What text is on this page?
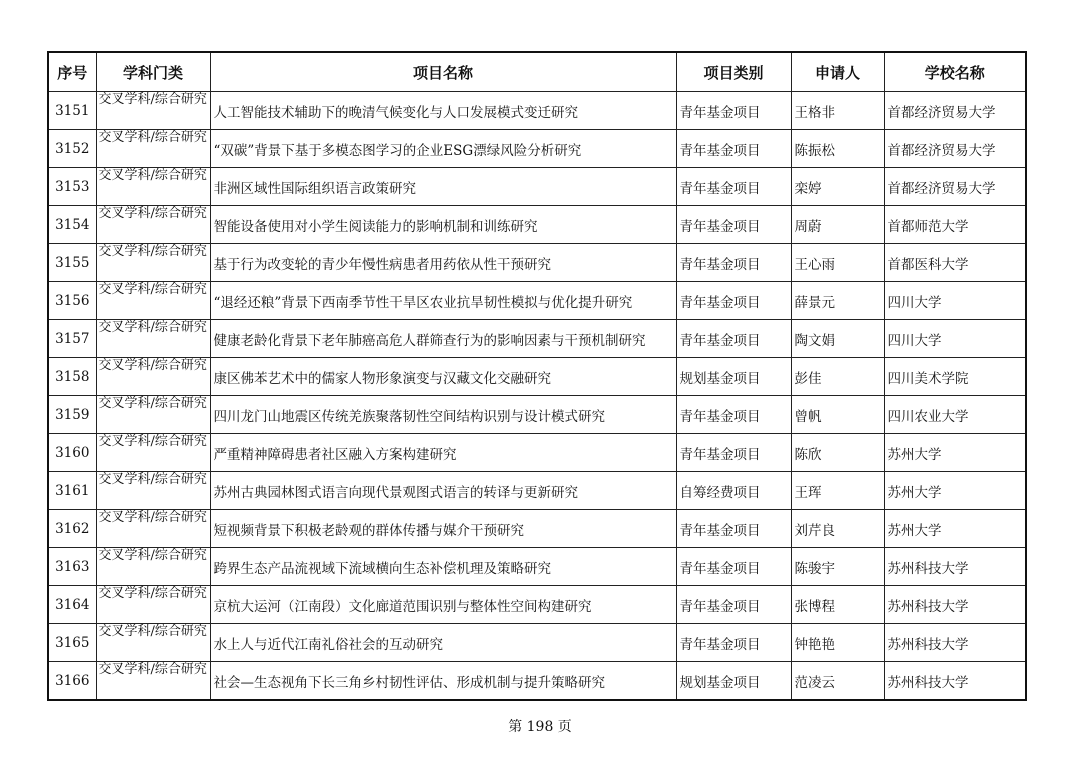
序号	学科门类	项目名称	项目类别	申请人	学校名称
3151	交叉学科/综合研究	人工智能技术辅助下的晚清气候变化与人口发展模式变迁研究	青年基金项目	王格非	首都经济贸易大学
3152	交叉学科/综合研究	“双碳”背景下基于多模态图学习的企业ESG漂绿风险分析研究	青年基金项目	陈振松	首都经济贸易大学
3153	交叉学科/综合研究	非洲区域性国际组织语言政策研究	青年基金项目	栾婷	首都经济贸易大学
3154	交叉学科/综合研究	智能设备使用对小学生阅读能力的影响机制和训练研究	青年基金项目	周蔚	首都师范大学
3155	交叉学科/综合研究	基于行为改变轮的青少年慢性病患者用药依从性干预研究	青年基金项目	王心雨	首都医科大学
3156	交叉学科/综合研究	“退经还粮”背景下西南季节性干旱区农业抗旱韧性模拟与优化提升研究	青年基金项目	薛景元	四川大学
3157	交叉学科/综合研究	健康老龄化背景下老年肺癌高危人群筛查行为的影响因素与干预机制研究	青年基金项目	陶文娟	四川大学
3158	交叉学科/综合研究	康区佛苯艺术中的儒家人物形象演变与汉藏文化交融研究	规划基金项目	彭佳	四川美术学院
3159	交叉学科/综合研究	四川龙门山地震区传统羌族聚落韧性空间结构识别与设计模式研究	青年基金项目	曾帆	四川农业大学
3160	交叉学科/综合研究	严重精神障碍患者社区融入方案构建研究	青年基金项目	陈欣	苏州大学
3161	交叉学科/综合研究	苏州古典园林图式语言向现代景观图式语言的转译与更新研究	自筹经费项目	王珲	苏州大学
3162	交叉学科/综合研究	短视频背景下积极老龄观的群体传播与媒介干预研究	青年基金项目	刘芹良	苏州大学
3163	交叉学科/综合研究	跨界生态产品流视域下流域横向生态补偿机理及策略研究	青年基金项目	陈骏宇	苏州科技大学
3164	交叉学科/综合研究	京杭大运河（江南段）文化廊道范围识别与整体性空间构建研究	青年基金项目	张博程	苏州科技大学
3165	交叉学科/综合研究	水上人与近代江南礼俗社会的互动研究	青年基金项目	钟艳艳	苏州科技大学
3166	交叉学科/综合研究	社会—生态视角下长三角乡村韧性评估、形成机制与提升策略研究	规划基金项目	范凌云	苏州科技大学
第 198 页
